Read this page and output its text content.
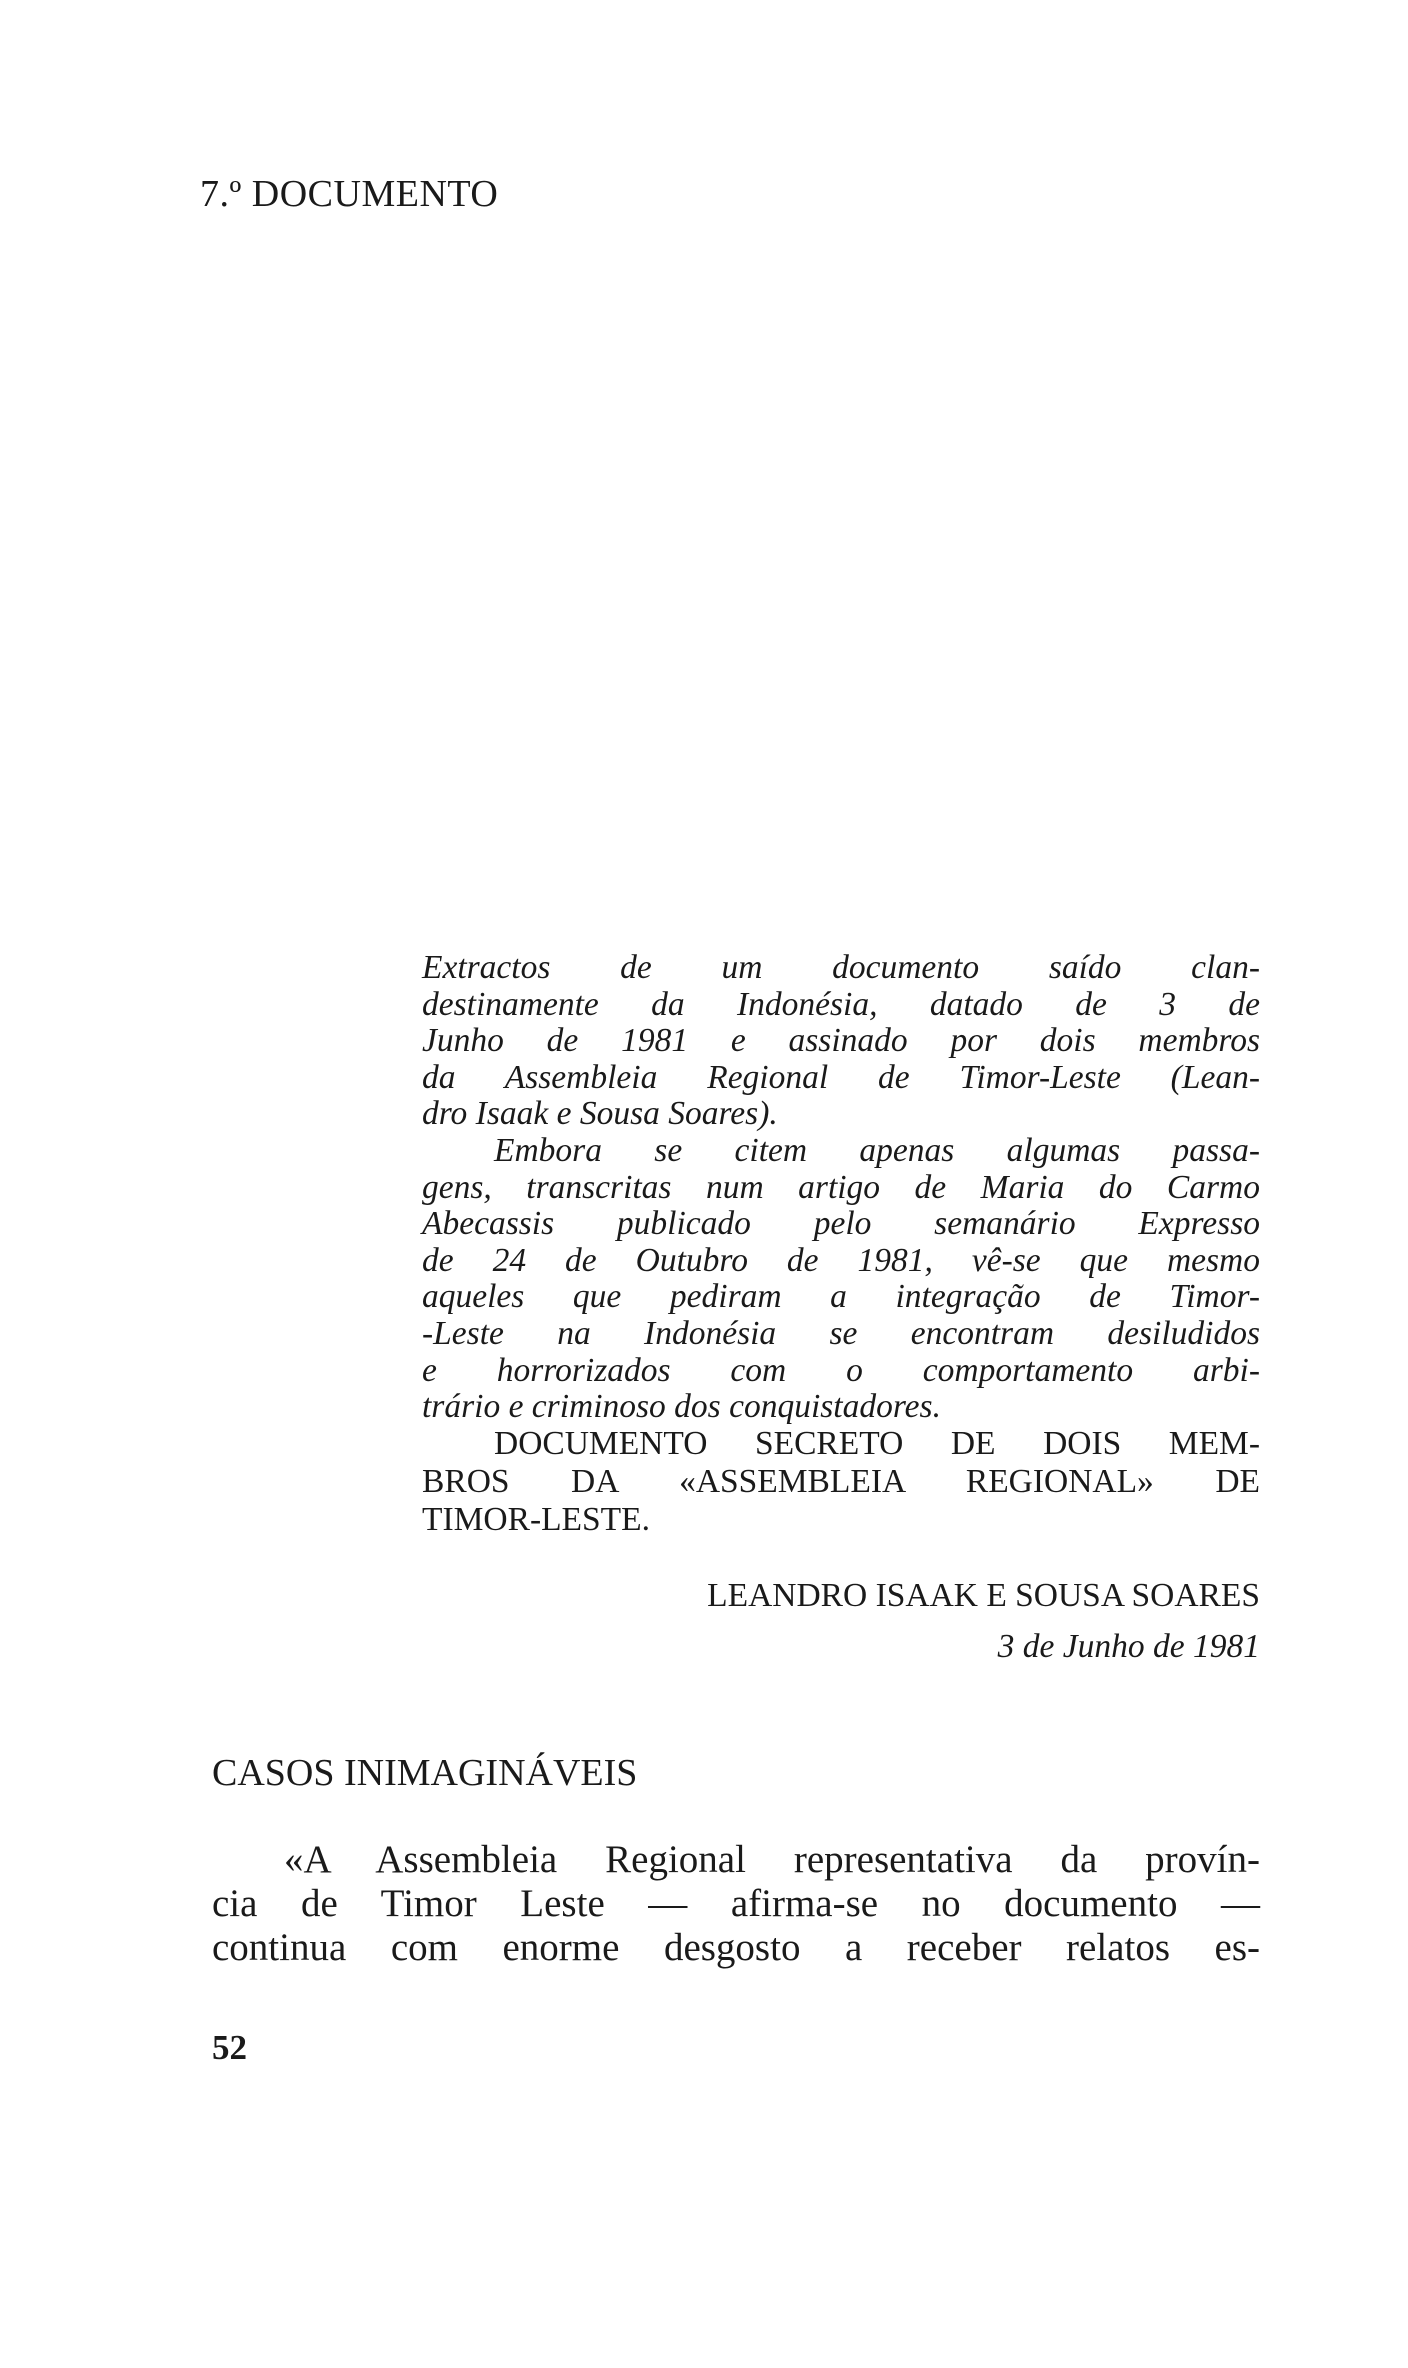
7.º DOCUMENTO
Extractos de um documento saído clan-
destinamente da Indonésia, datado de 3 de
Junho de 1981 e assinado por dois membros
da Assembleia Regional de Timor-Leste (Lean-
dro Isaak e Sousa Soares).
Embora se citem apenas algumas passa-
gens, transcritas num artigo de Maria do Carmo
Abecassis publicado pelo semanário Expresso
de 24 de Outubro de 1981, vê-se que mesmo
aqueles que pediram a integração de Timor-
-Leste na Indonésia se encontram desiludidos
e horrorizados com o comportamento arbi-
trário e criminoso dos conquistadores.
DOCUMENTO SECRETO DE DOIS MEM-
BROS DA «ASSEMBLEIA REGIONAL» DE
TIMOR-LESTE.
LEANDRO ISAAK E SOUSA SOARES
3 de Junho de 1981
CASOS INIMAGINÁVEIS
«A Assembleia Regional representativa da provín-
cia de Timor Leste — afirma-se no documento —
continua com enorme desgosto a receber relatos es-
52
